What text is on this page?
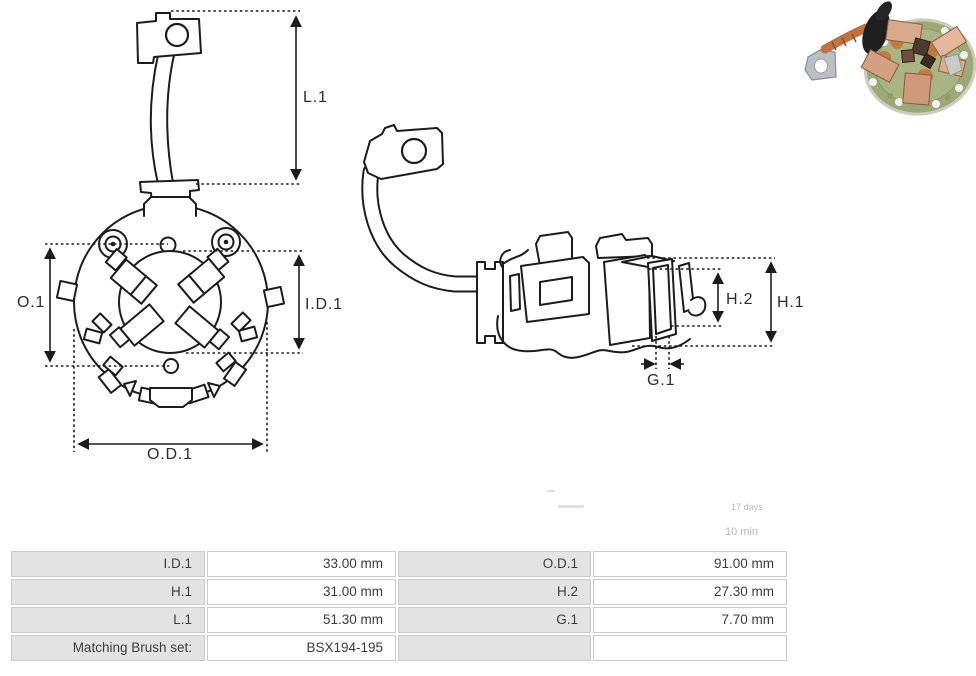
L.1
O.1	I.D.1
O.D.1
H.2 H.1
G.1
17 days
10 min
I.D.1	33.00 mm	O.D.1	91.00 mm
H.1	31.00 mm	H.2	27.30 mm
L.1	51.30 mm	G.1	7.70 mm
Matching Brush set:	BSX194-195
